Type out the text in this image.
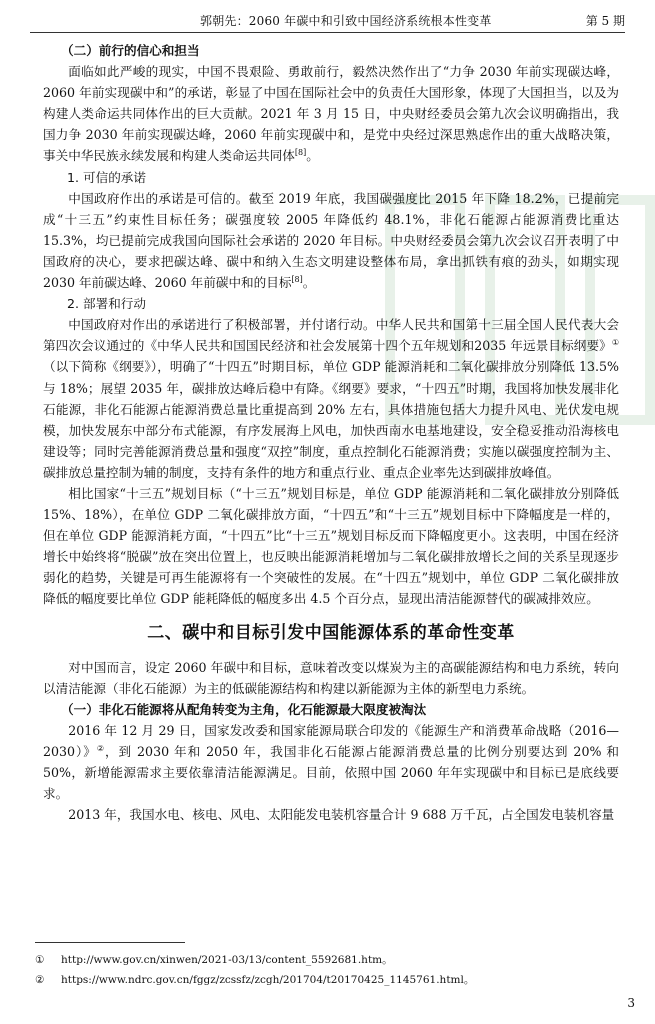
郭朝先：2060 年碳中和引致中国经济系统根本性变革	第 5 期

（二）前行的信心和担当

面临如此严峻的现实，中国不畏艰险、勇敢前行，毅然决然作出了“力争 2030 年前实现碳达峰，2060 年前实现碳中和”的承诺，彰显了中国在国际社会中的负责任大国形象，体现了大国担当，以及为构建人类命运共同体作出的巨大贡献。2021 年 3 月 15 日，中央财经委员会第九次会议明确指出，我国力争 2030 年前实现碳达峰，2060 年前实现碳中和，是党中央经过深思熟虑作出的重大战略决策，事关中华民族永续发展和构建人类命运共同体[8]。

1. 可信的承诺

中国政府作出的承诺是可信的。截至 2019 年底，我国碳强度比 2015 年下降 18.2%，已提前完成“十三五”约束性目标任务；碳强度较 2005 年降低约 48.1%，非化石能源占能源消费比重达 15.3%，均已提前完成我国向国际社会承诺的 2020 年目标。中央财经委员会第九次会议召开表明了中国政府的决心，要求把碳达峰、碳中和纳入生态文明建设整体布局，拿出抓铁有痕的劲头，如期实现 2030 年前碳达峰、2060 年前碳中和的目标[8]。

2. 部署和行动

中国政府对作出的承诺进行了积极部署，并付诸行动。中华人民共和国第十三届全国人民代表大会第四次会议通过的《中华人民共和国国民经济和社会发展第十四个五年规划和2035 年远景目标纲要》①（以下简称《纲要》），明确了“十四五”时期目标，单位 GDP 能源消耗和二氧化碳排放分别降低 13.5% 与 18%；展望 2035 年，碳排放达峰后稳中有降。《纲要》要求，“十四五”时期，我国将加快发展非化石能源，非化石能源占能源消费总量比重提高到 20% 左右，具体措施包括大力提升风电、光伏发电规模，加快发展东中部分布式能源，有序发展海上风电，加快西南水电基地建设，安全稳妥推动沿海核电建设等；同时完善能源消费总量和强度“双控”制度，重点控制化石能源消费；实施以碳强度控制为主、碳排放总量控制为辅的制度，支持有条件的地方和重点行业、重点企业率先达到碳排放峰值。

相比国家“十三五”规划目标（“十三五”规划目标是，单位 GDP 能源消耗和二氧化碳排放分别降低 15%、18%），在单位 GDP 二氧化碳排放方面，“十四五”和“十三五”规划目标中下降幅度是一样的，但在单位 GDP 能源消耗方面，“十四五”比“十三五”规划目标反而下降幅度更小。这表明，中国在经济增长中始终将“脱碳”放在突出位置上，也反映出能源消耗增加与二氧化碳排放增长之间的关系呈现逐步弱化的趋势，关键是可再生能源将有一个突破性的发展。在“十四五”规划中，单位 GDP 二氧化碳排放降低的幅度要比单位 GDP 能耗降低的幅度多出 4.5 个百分点，显现出清洁能源替代的碳减排效应。

二、碳中和目标引发中国能源体系的革命性变革

对中国而言，设定 2060 年碳中和目标，意味着改变以煤炭为主的高碳能源结构和电力系统，转向以清洁能源（非化石能源）为主的低碳能源结构和构建以新能源为主体的新型电力系统。

（一）非化石能源将从配角转变为主角，化石能源最大限度被淘汰

2016 年 12 月 29 日，国家发改委和国家能源局联合印发的《能源生产和消费革命战略（2016—2030）》②，到 2030 年和 2050 年，我国非化石能源占能源消费总量的比例分别要达到 20% 和 50%，新增能源需求主要依靠清洁能源满足。目前，依照中国 2060 年年实现碳中和目标已是底线要求。

2013 年，我国水电、核电、风电、太阳能发电装机容量合计 9 688 万千瓦，占全国发电装机容量

① http://www.gov.cn/xinwen/2021-03/13/content_5592681.htm。
② https://www.ndrc.gov.cn/fggz/zcssfz/zcgh/201704/t20170425_1145761.html。
3
